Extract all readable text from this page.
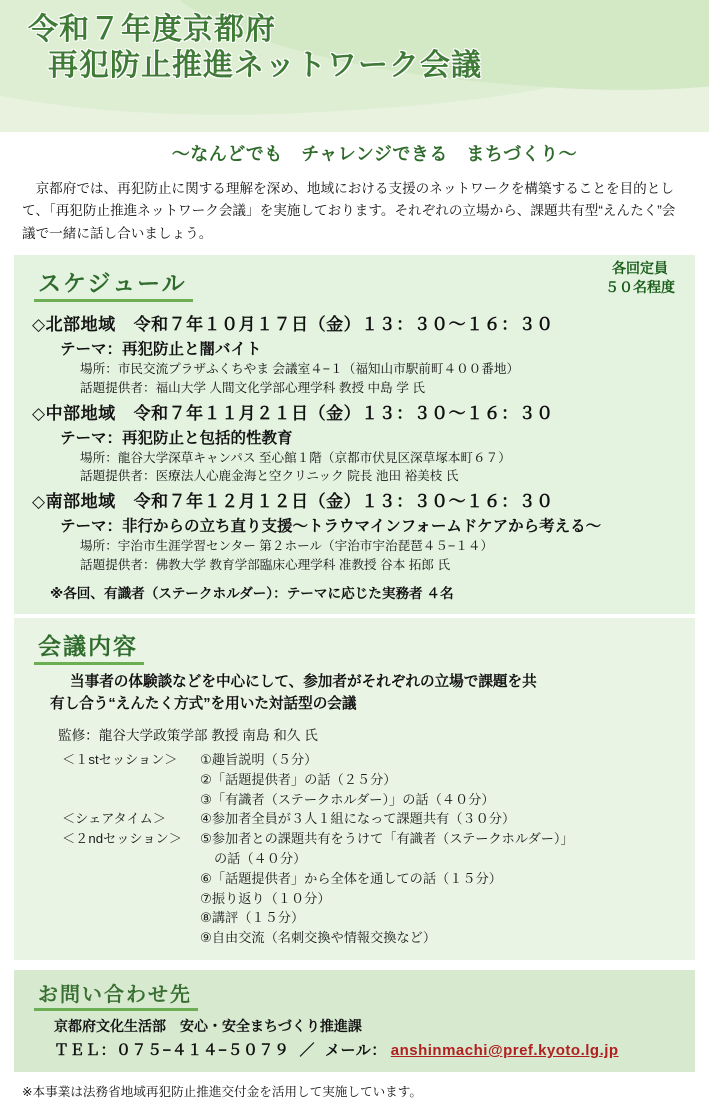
令和７年度京都府
再犯防止推進ネットワーク会議
〜なんどでも　チャレンジできる　まちづくり〜

京都府では、再犯防止に関する理解を深め、地域における支援のネットワークを構築することを目的として、「再犯防止推進ネットワーク会議」を実施しております。それぞれの立場から、課題共有型“えんたく”会議で一緒に話し合いましょう。

各回定員
５０名程度
スケジュール
◇北部地域 令和７年１０月１７日（金）１３：３０〜１６：３０
テーマ：再犯防止と闇バイト
場所：市民交流プラザふくちやま 会議室４−１（福知山市駅前町４００番地）
話題提供者：福山大学 人間文化学部心理学科 教授 中島 学 氏
◇中部地域 令和７年１１月２１日（金）１３：３０〜１６：３０
テーマ：再犯防止と包括的性教育
場所：龍谷大学深草キャンパス 至心館１階（京都市伏見区深草塚本町６７）
話題提供者：医療法人心鹿金海と空クリニック 院長 池田 裕美枝 氏
◇南部地域 令和７年１２月１２日（金）１３：３０〜１６：３０
テーマ：非行からの立ち直り支援〜トラウマインフォームドケアから考える〜
場所：宇治市生涯学習センター 第２ホール（宇治市宇治琵琶４５−１４）
話題提供者：佛教大学 教育学部臨床心理学科 准教授 谷本 拓郎 氏
※各回、有識者（ステークホルダー）：テーマに応じた実務者 ４名
会議内容
当事者の体験談などを中心にして、参加者がそれぞれの立場で課題を共
有し合う“えんたく方式”を用いた対話型の会議
監修：龍谷大学政策学部 教授 南島 和久 氏
＜１stセッション＞	①趣旨説明（５分）
②「話題提供者」の話（２５分）
③「有識者（ステークホルダー）」の話（４０分）
＜シェアタイム＞	④参加者全員が３人１組になって課題共有（３０分）
＜２ndセッション＞	⑤参加者との課題共有をうけて「有識者（ステークホルダー）」
の話（４０分）
⑥「話題提供者」から全体を通しての話（１５分）
⑦振り返り（１０分）
⑧講評（１５分）
⑨自由交流（名刺交換や情報交換など）
お問い合わせ先
京都府文化生活部　安心・安全まちづくり推進課
ＴＥＬ：０７５−４１４−５０７９ ／ メール： anshinmachi@pref.kyoto.lg.jp
※本事業は法務省地域再犯防止推進交付金を活用して実施しています。
